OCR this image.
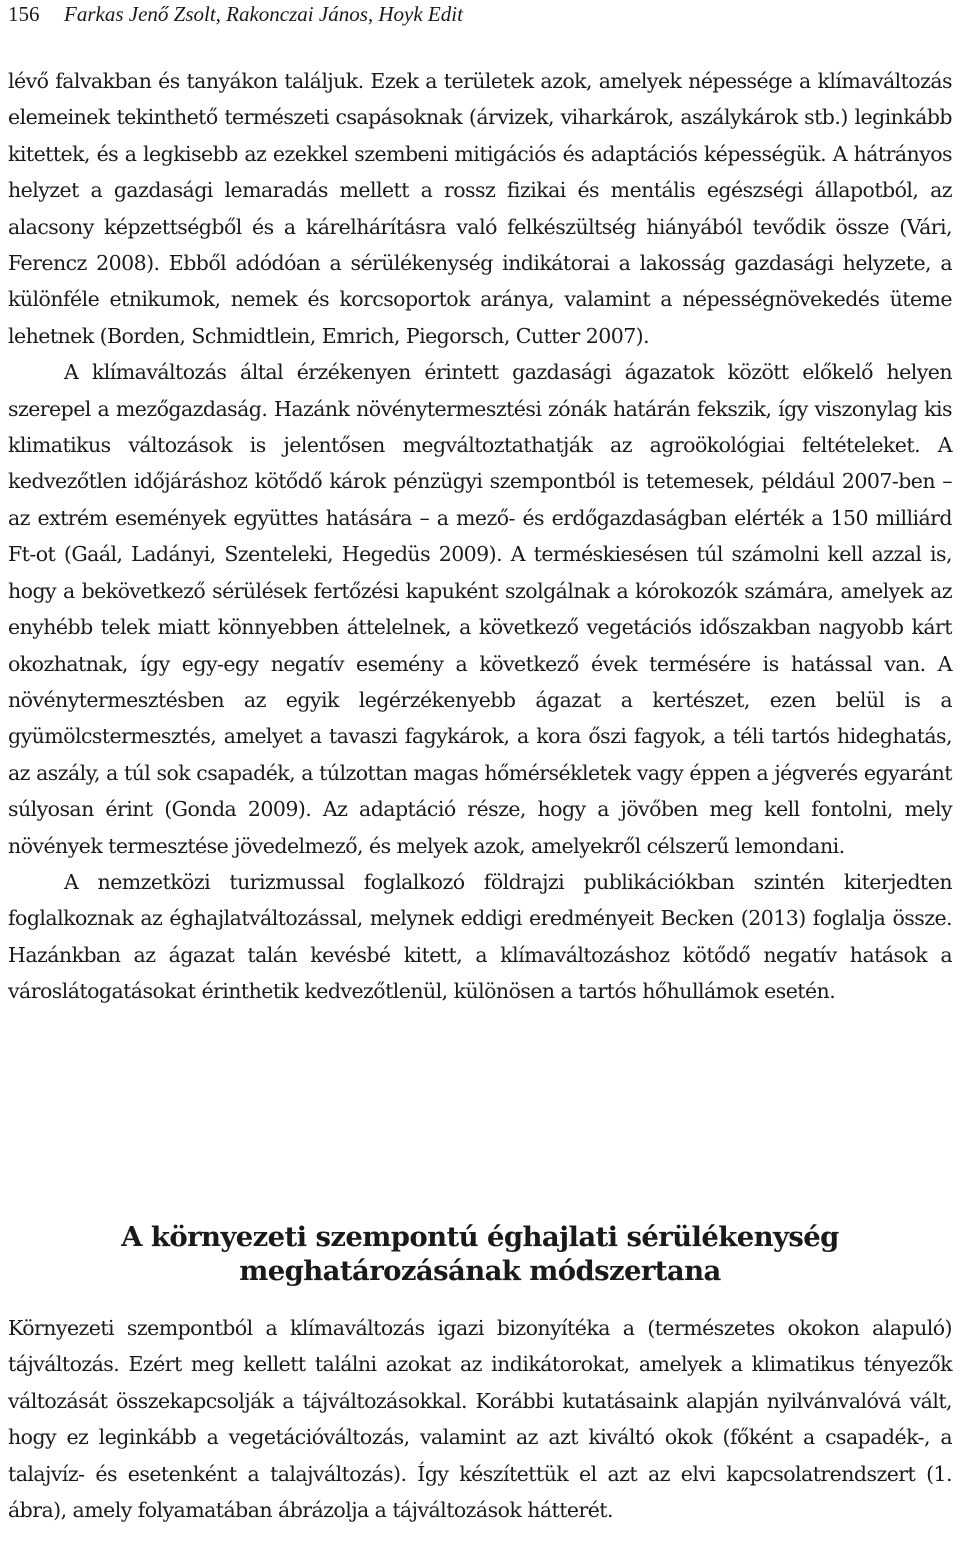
156 Farkas Jenő Zsolt, Rakonczai János, Hoyk Edit

lévő falvakban és tanyákon találjuk. Ezek a területek azok, amelyek népessége a klímaváltozás elemeinek tekinthető természeti csapásoknak (árvizek, viharkárok, aszálykárok stb.) leginkább kitettek, és a legkisebb az ezekkel szembeni mitigációs és adaptációs képességük. A hátrányos helyzet a gazdasági lemaradás mellett a rossz fizikai és mentális egészségi állapotból, az alacsony képzettségből és a kárelhárításra való felkészültség hiányából tevődik össze (Vári, Ferencz 2008). Ebből adódóan a sérülékenység indikátorai a lakosság gazdasági helyzete, a különféle etnikumok, nemek és korcsoportok aránya, valamint a népességnövekedés üteme lehetnek (Borden, Schmidtlein, Emrich, Piegorsch, Cutter 2007).

A klímaváltozás által érzékenyen érintett gazdasági ágazatok között előkelő helyen szerepel a mezőgazdaság. Hazánk növénytermesztési zónák határán fekszik, így viszonylag kis klimatikus változások is jelentősen megváltoztathatják az agroökológiai feltételeket. A kedvezőtlen időjáráshoz kötődő károk pénzügyi szempontból is tetemesek, például 2007-ben – az extrém események együttes hatására – a mező- és erdőgazdaságban elérték a 150 milliárd Ft-ot (Gaál, Ladányi, Szenteleki, Hegedüs 2009). A terméskiesésen túl számolni kell azzal is, hogy a bekövetkező sérülések fertőzési kapuként szolgálnak a kórokozók számára, amelyek az enyhébb telek miatt könnyebben áttelelnek, a következő vegetációs időszakban nagyobb kárt okozhatnak, így egy-egy negatív esemény a következő évek termésére is hatással van. A növénytermesztésben az egyik legérzékenyebb ágazat a kertészet, ezen belül is a gyümölcstermesztés, amelyet a tavaszi fagykárok, a kora őszi fagyok, a téli tartós hideghatás, az aszály, a túl sok csapadék, a túlzottan magas hőmérsékletek vagy éppen a jégverés egyaránt súlyosan érint (Gonda 2009). Az adaptáció része, hogy a jövőben meg kell fontolni, mely növények termesztése jövedelmező, és melyek azok, amelyekről célszerű lemondani.

A nemzetközi turizmussal foglalkozó földrajzi publikációkban szintén kiterjedten foglalkoznak az éghajlatváltozással, melynek eddigi eredményeit Becken (2013) foglalja össze. Hazánkban az ágazat talán kevésbé kitett, a klímaváltozáshoz kötődő negatív hatások a városlátogatásokat érinthetik kedvezőtlenül, különösen a tartós hőhullámok esetén.

A környezeti szempontú éghajlati sérülékenység
meghatározásának módszertana

Környezeti szempontból a klímaváltozás igazi bizonyítéka a (természetes okokon alapuló) tájváltozás. Ezért meg kellett találni azokat az indikátorokat, amelyek a klimatikus tényezők változását összekapcsolják a tájváltozásokkal. Korábbi kutatásaink alapján nyilvánvalóvá vált, hogy ez leginkább a vegetációváltozás, valamint az azt kiváltó okok (főként a csapadék-, a talajvíz- és esetenként a talajváltozás). Így készítettük el azt az elvi kapcsolatrendszert (1. ábra), amely folyamatában ábrázolja a tájváltozások hátterét.
